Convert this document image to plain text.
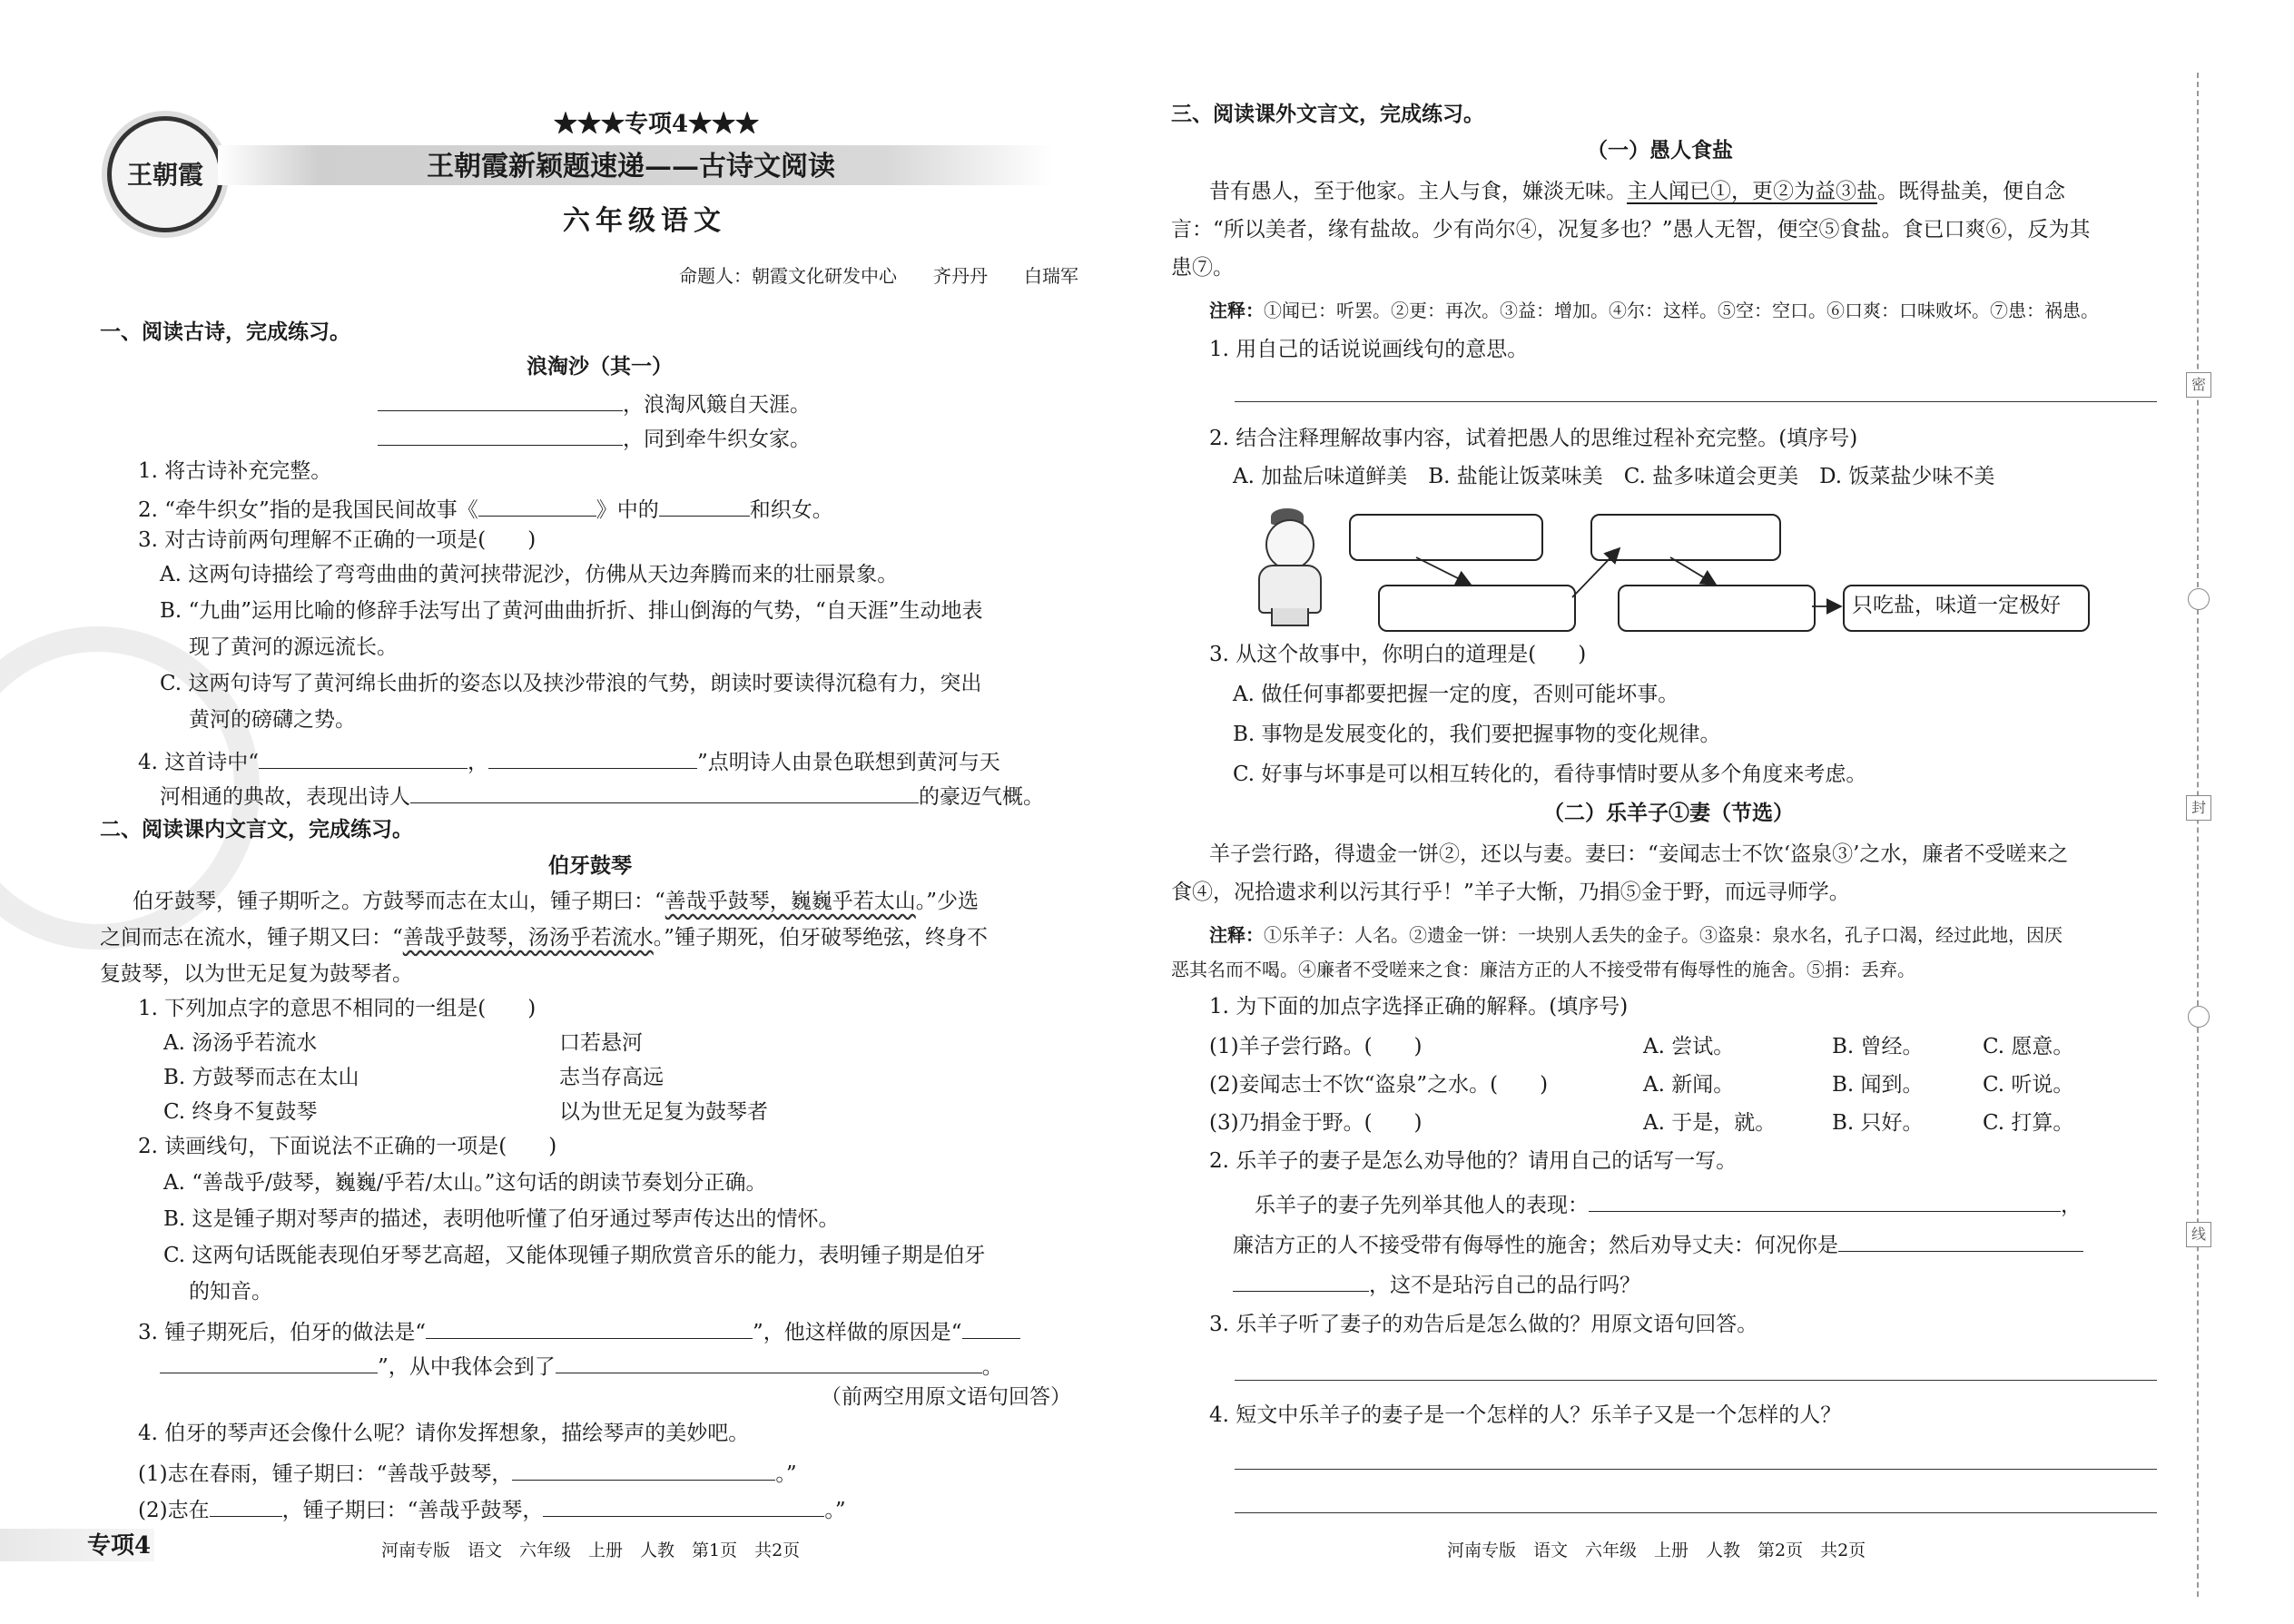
王朝霞
★★★专项4★★★
王朝霞新颖题速递——古诗文阅读
六年级语文
命题人：朝霞文化研发中心　　齐丹丹　　白瑞军
一、阅读古诗，完成练习。
浪淘沙（其一）
，浪淘风簸自天涯。
，同到牵牛织女家。
1. 将古诗补充完整。
2. “牵牛织女”指的是我国民间故事《	》中的	和织女。
3. 对古诗前两句理解不正确的一项是(　　)
A. 这两句诗描绘了弯弯曲曲的黄河挟带泥沙，仿佛从天边奔腾而来的壮丽景象。
B. “九曲”运用比喻的修辞手法写出了黄河曲曲折折、排山倒海的气势，“自天涯”生动地表
现了黄河的源远流长。
C. 这两句诗写了黄河绵长曲折的姿态以及挟沙带浪的气势，朗读时要读得沉稳有力，突出
黄河的磅礴之势。
4. 这首诗中“	，	”点明诗人由景色联想到黄河与天
河相通的典故，表现出诗人	的豪迈气概。
二、阅读课内文言文，完成练习。
伯牙鼓琴
伯牙鼓琴，锺子期听之。方鼓琴而志在太山，锺子期曰：“善哉乎鼓琴，巍巍乎若太山。”少选
之间而志在流水，锺子期又曰：“善哉乎鼓琴，汤汤乎若流水。”锺子期死，伯牙破琴绝弦，终身不
复鼓琴，以为世无足复为鼓琴者。
1. 下列加点字的意思不相同的一组是(　　)
A. 汤汤乎若流水	口若悬河
B. 方鼓琴而志在太山	志当存高远
C. 终身不复鼓琴	以为世无足复为鼓琴者
2. 读画线句，下面说法不正确的一项是(　　)
A. “善哉乎/鼓琴，巍巍/乎若/太山。”这句话的朗读节奏划分正确。
B. 这是锺子期对琴声的描述，表明他听懂了伯牙通过琴声传达出的情怀。
C. 这两句话既能表现伯牙琴艺高超，又能体现锺子期欣赏音乐的能力，表明锺子期是伯牙
的知音。
3. 锺子期死后，伯牙的做法是“	”，他这样做的原因是“
”，从中我体会到了	。
（前两空用原文语句回答）
4. 伯牙的琴声还会像什么呢？请你发挥想象，描绘琴声的美妙吧。
(1)志在春雨，锺子期曰：“善哉乎鼓琴，	。”
(2)志在	，锺子期曰：“善哉乎鼓琴，	。”
专项4	河南专版　语文　六年级　上册　人教　第1页　共2页
三、阅读课外文言文，完成练习。
（一）愚人食盐
昔有愚人，至于他家。主人与食，嫌淡无味。主人闻已①，更②为益③盐。既得盐美，便自念
言：“所以美者，缘有盐故。少有尚尔④，况复多也？”愚人无智，便空⑤食盐。食已口爽⑥，反为其
患⑦。
注释：①闻已：听罢。②更：再次。③益：增加。④尔：这样。⑤空：空口。⑥口爽：口味败坏。⑦患：祸患。
1. 用自己的话说说画线句的意思。
2. 结合注释理解故事内容，试着把愚人的思维过程补充完整。(填序号)
A. 加盐后味道鲜美　B. 盐能让饭菜味美　C. 盐多味道会更美　D. 饭菜盐少味不美
只吃盐，味道一定极好
3. 从这个故事中，你明白的道理是(　　)
A. 做任何事都要把握一定的度，否则可能坏事。
B. 事物是发展变化的，我们要把握事物的变化规律。
C. 好事与坏事是可以相互转化的，看待事情时要从多个角度来考虑。
（二）乐羊子①妻（节选）
羊子尝行路，得遗金一饼②，还以与妻。妻曰：“妾闻志士不饮‘盗泉③’之水，廉者不受嗟来之
食④，况拾遗求利以污其行乎！”羊子大惭，乃捐⑤金于野，而远寻师学。
注释：①乐羊子：人名。②遗金一饼：一块别人丢失的金子。③盗泉：泉水名，孔子口渴，经过此地，因厌
恶其名而不喝。④廉者不受嗟来之食：廉洁方正的人不接受带有侮辱性的施舍。⑤捐：丢弃。
1. 为下面的加点字选择正确的解释。(填序号)
(1)羊子尝行路。(　　)	A. 尝试。	B. 曾经。	C. 愿意。
(2)妾闻志士不饮“盗泉”之水。(　　)	A. 新闻。	B. 闻到。	C. 听说。
(3)乃捐金于野。(　　)	A. 于是，就。	B. 只好。	C. 打算。
2. 乐羊子的妻子是怎么劝导他的？请用自己的话写一写。
乐羊子的妻子先列举其他人的表现：	，
廉洁方正的人不接受带有侮辱性的施舍；然后劝导丈夫：何况你是
，这不是玷污自己的品行吗？
3. 乐羊子听了妻子的劝告后是怎么做的？用原文语句回答。
4. 短文中乐羊子的妻子是一个怎样的人？乐羊子又是一个怎样的人？
河南专版　语文　六年级　上册　人教　第2页　共2页
密
封
线
